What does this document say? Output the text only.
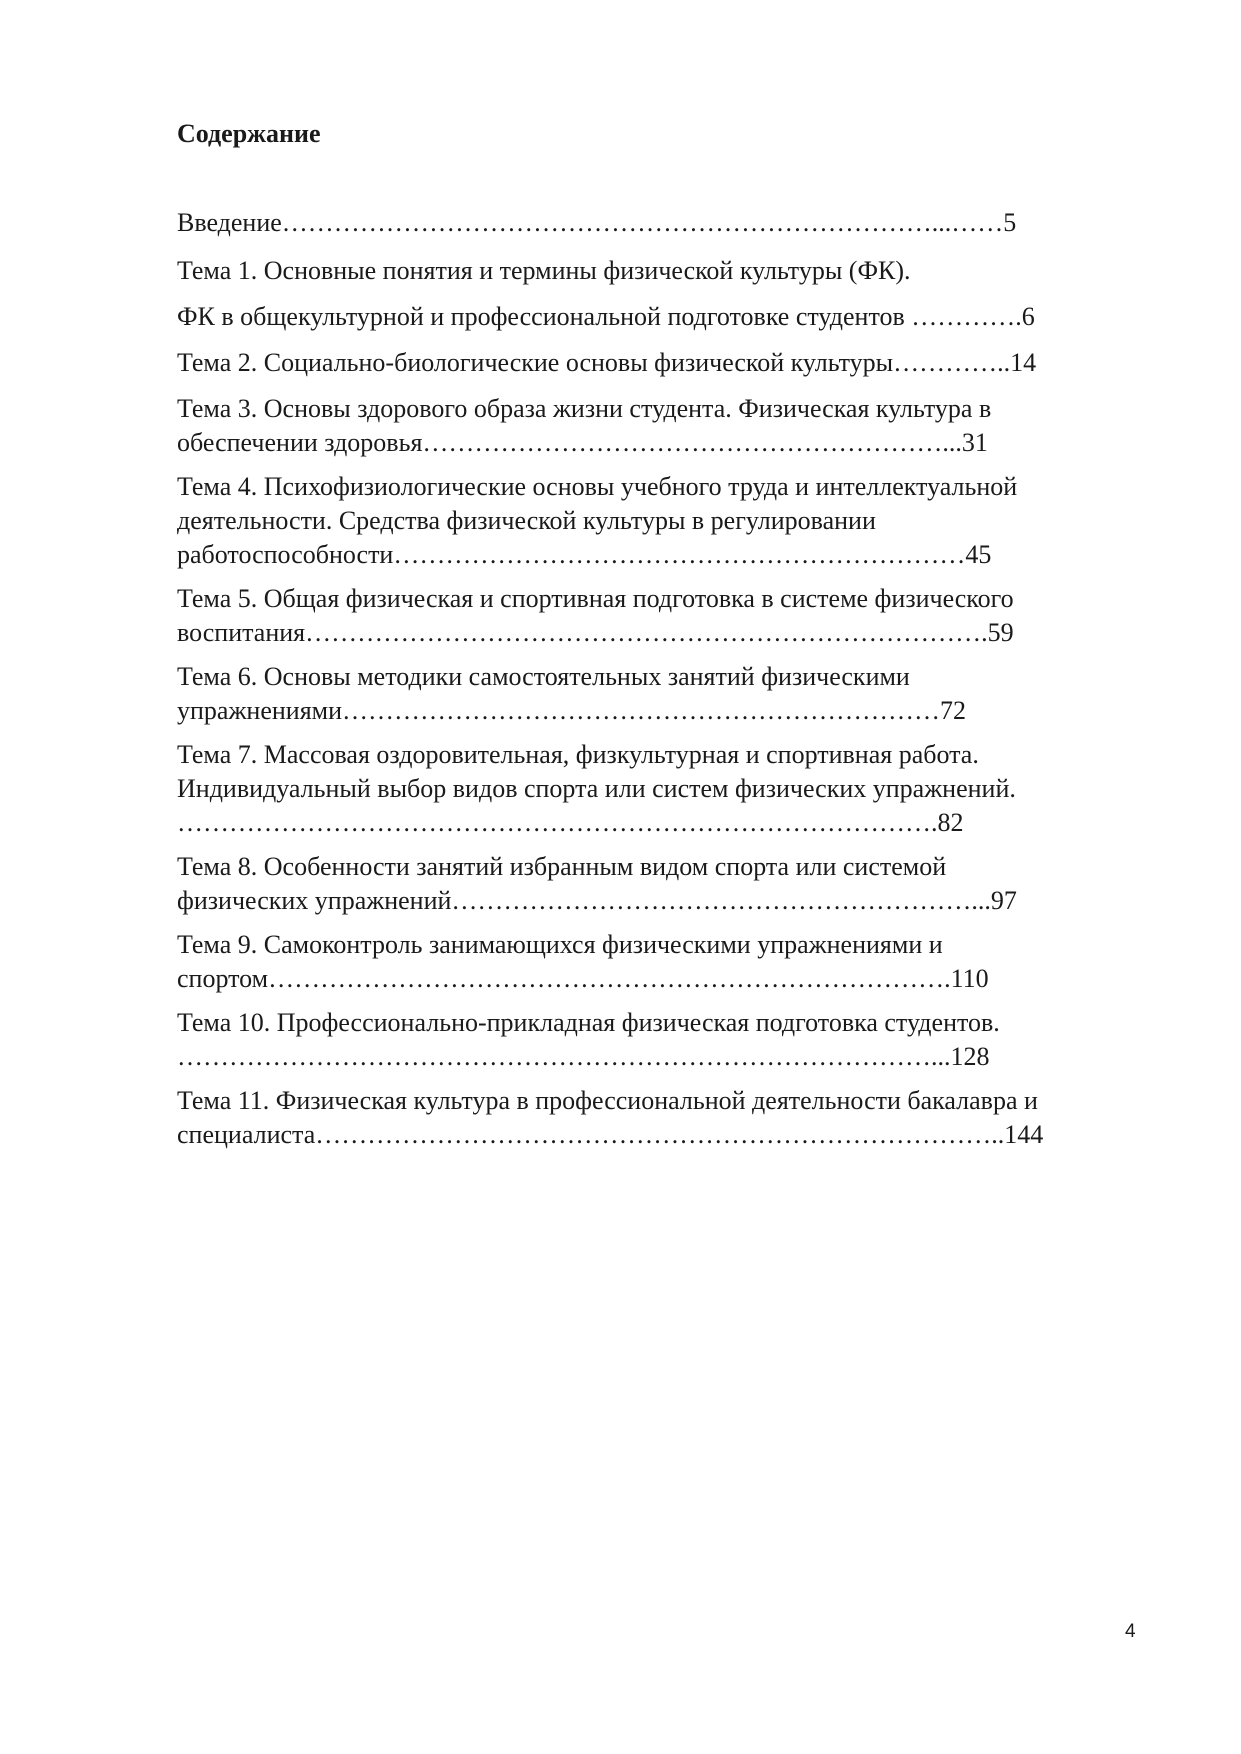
Содержание
Введение…………………………………………………………………...……5
Тема 1. Основные понятия и термины физической культуры (ФК).
ФК в общекультурной и профессиональной подготовке студентов ………….6
Тема 2. Социально-биологические основы физической культуры…………..14
Тема 3. Основы здорового образа жизни студента. Физическая культура в
обеспечении здоровья……………………………………………………...31
Тема 4. Психофизиологические основы учебного труда и интеллектуальной
деятельности. Средства физической культуры в регулировании
работоспособности…………………………………………………………45
Тема 5. Общая физическая и спортивная подготовка в системе физического
воспитания…………………………………………………………………….59
Тема 6. Основы методики самостоятельных занятий физическими
упражнениями……………………………………………………………72
Тема 7. Массовая оздоровительная, физкультурная и спортивная работа.
Индивидуальный выбор видов спорта или систем физических упражнений.
…………………………………………………………………………….82
Тема 8. Особенности занятий избранным видом спорта или системой
физических упражнений……………………………………………………...97
Тема 9. Самоконтроль занимающихся физическими упражнениями и
спортом…………………………………………………………………….110
Тема 10. Профессионально-прикладная физическая подготовка студентов.
……………………………………………………………………………...128
Тема 11. Физическая культура в профессиональной деятельности бакалавра и
специалиста……………………………………………………………………..144
4
